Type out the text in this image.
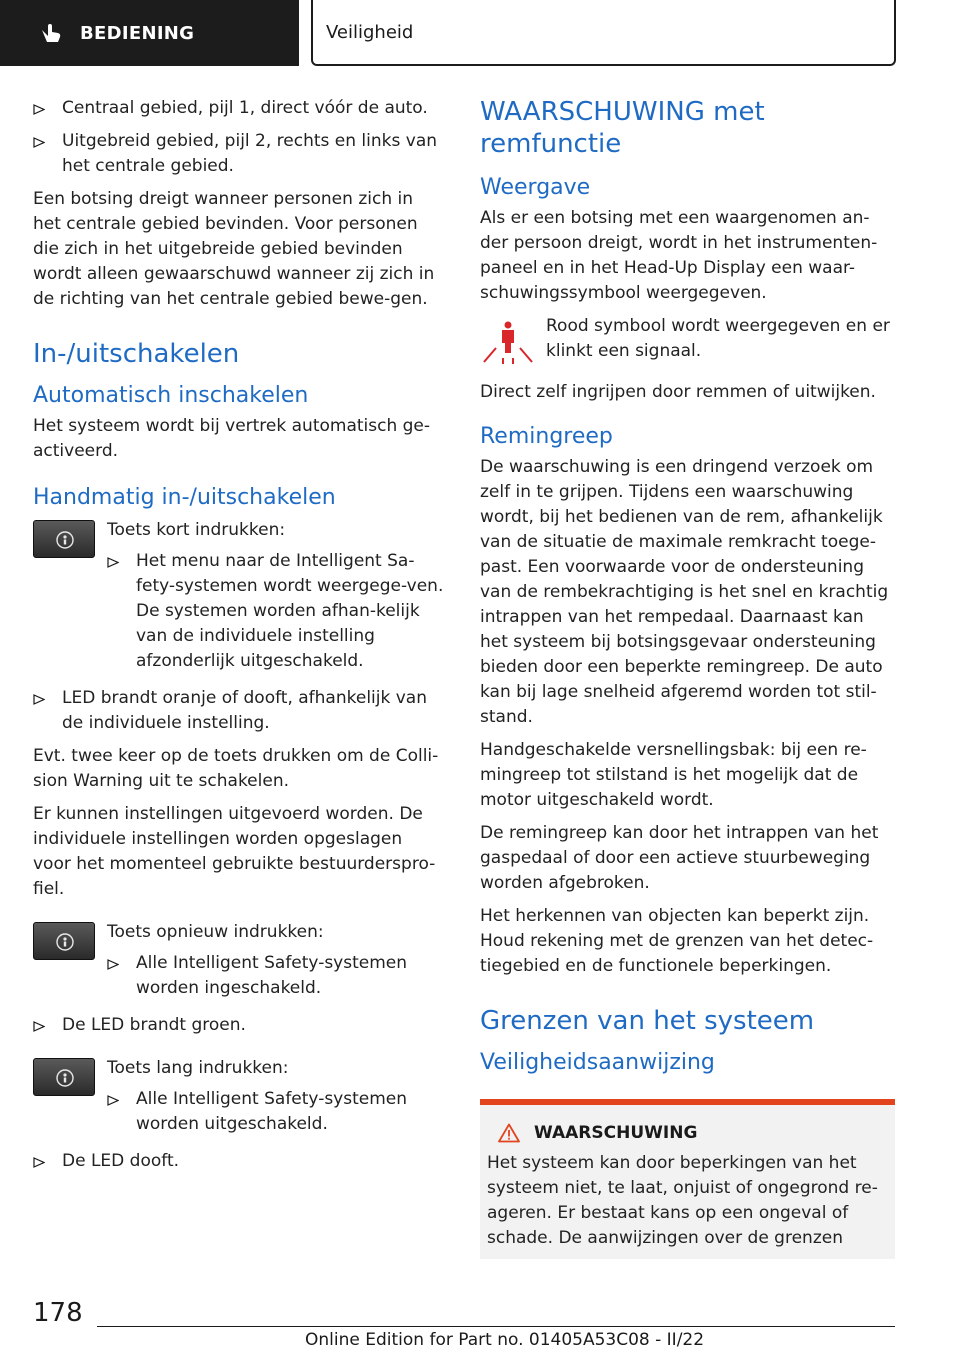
BEDIENING	Veiligheid
Centraal gebied, pijl 1, direct vóór de auto.
Uitgebreid gebied, pijl 2, rechts en links van het centrale gebied.

Een botsing dreigt wanneer personen zich in het centrale gebied bevinden. Voor personen die zich in het uitgebreide gebied bevinden wordt alleen gewaarschuwd wanneer zij zich in de richting van het centrale gebied bewe-gen.

In-/uitschakelen
Automatisch inschakelen

Het systeem wordt bij vertrek automatisch ge-activeerd.

Handmatig in-/uitschakelen

Toets kort indrukken:

Het menu naar de Intelligent Sa-fety-systemen wordt weergege-ven. De systemen worden afhan-kelijk van de individuele instelling afzonderlijk uitgeschakeld.
LED brandt oranje of dooft, afhankelijk van de individuele instelling.

Evt. twee keer op de toets drukken om de Colli-sion Warning uit te schakelen.

Er kunnen instellingen uitgevoerd worden. De individuele instellingen worden opgeslagen voor het momenteel gebruikte bestuurderspro-fiel.

Toets opnieuw indrukken:

Alle Intelligent Safety-systemen worden ingeschakeld.
De LED brandt groen.

Toets lang indrukken:

Alle Intelligent Safety-systemen worden uitgeschakeld.
De LED dooft.
WAARSCHUWING met remfunctie
Weergave

Als er een botsing met een waargenomen an-der persoon dreigt, wordt in het instrumenten-paneel en in het Head-Up Display een waar-schuwingssymbool weergegeven.

Rood symbool wordt weergegeven en er klinkt een signaal.

Direct zelf ingrijpen door remmen of uitwijken.

Remingreep

De waarschuwing is een dringend verzoek om zelf in te grijpen. Tijdens een waarschuwing wordt, bij het bedienen van de rem, afhankelijk van de situatie de maximale remkracht toege-past. Een voorwaarde voor de ondersteuning van de rembekrachtiging is het snel en krachtig intrappen van het rempedaal. Daarnaast kan het systeem bij botsingsgevaar ondersteuning bieden door een beperkte remingreep. De auto kan bij lage snelheid afgeremd worden tot stil-stand.

Handgeschakelde versnellingsbak: bij een re-mingreep tot stilstand is het mogelijk dat de motor uitgeschakeld wordt.

De remingreep kan door het intrappen van het gaspedaal of door een actieve stuurbeweging worden afgebroken.

Het herkennen van objecten kan beperkt zijn. Houd rekening met de grenzen van het detec-tiegebied en de functionele beperkingen.

Grenzen van het systeem
Veiligheidsaanwijzing
WAARSCHUWING

Het systeem kan door beperkingen van het systeem niet, te laat, onjuist of ongegrond re-ageren. Er bestaat kans op een ongeval of schade. De aanwijzingen over de grenzen

178
Online Edition for Part no. 01405A53C08 - II/22
